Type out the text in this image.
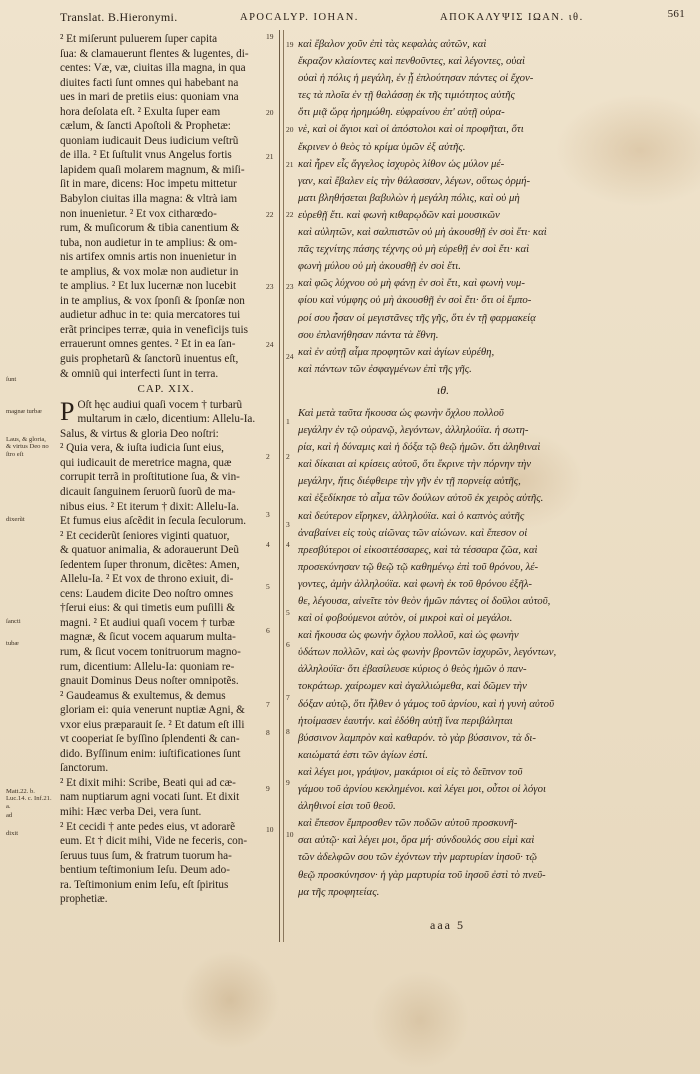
Translat. B.Hieronymi.	APOCALYP. IOHAN.	ΑΠΟΚΑΛΥΨΙΣ ΙΩΑΝ. ιθ.	561
ſunt
magnæ turbæ
Laus, & gloria, & virtus Deo no ſtro eſt
dixerũt
ſancti
tubæ
Matt.22. b. Luc.14. c. Inf.21. a.
ad
dixit
19
20
21
22
23
24
2
3
4
5
6
7
8
9
10
19
20
21
22
23
24
1
2
3
4
5
6
7
8
9
10

² Et miſerunt puluerem ſuper capita

ſua: & clamauerunt flentes & lugentes, di-

centes: Væ, væ, ciuitas illa magna, in qua

diuites facti ſunt omnes qui habebant na

ues in mari de pretiis eius: quoniam vna

hora deſolata eſt. ² Exulta ſuper eam

cælum, & ſancti Apoſtoli & Prophetæ:

quoniam iudicauit Deus iudicium veſtrũ

de illa. ² Et ſuſtulit vnus Angelus fortis

lapidem quaſi molarem magnum, & miſi-

ſit in mare, dicens: Hoc impetu mittetur

Babylon ciuitas illa magna: & vltrà iam

non inuenietur. ² Et vox citharœdo-

rum, & muſicorum & tibia canentium &

tuba, non audietur in te amplius: & om-

nis artifex omnis artis non inuenietur in

te amplius, & vox molæ non audietur in

te amplius. ² Et lux lucernæ non lucebit

in te amplius, & vox ſponſi & ſponſæ non

audietur adhuc in te: quia mercatores tui

erãt principes terræ, quia in veneficijs tuis

errauerunt omnes gentes. ² Et in ea ſan-

guis prophetarũ & ſanctorũ inuentus eſt,

& omniũ qui interfecti ſunt in terra.

CAP. XIX.
P Oſt hęc audiui quaſi vocem † turbarũ

multarum in cælo, dicentium: Allelu-Ia.

Salus, & virtus & gloria Deo noſtri:

² Quia vera, & iuſta iudicia ſunt eius,

qui iudicauit de meretrice magna, quæ

corrupit terrã in proſtitutione ſua, & vin-

dicauit ſanguinem ſeruorũ ſuorũ de ma-

nibus eius. ² Et iterum † dixit: Allelu-Ia.

Et fumus eius aſcẽdit in ſecula ſeculorum.

² Et ceciderũt ſeniores viginti quatuor,

& quatuor animalia, & adorauerunt Deũ

ſedentem ſuper thronum, dicẽtes: Amen,

Allelu-Ia. ² Et vox de throno exiuit, di-

cens: Laudem dicite Deo noſtro omnes

†ſerui eius: & qui timetis eum puſilli &

magni. ² Et audiui quaſi vocem † turbæ

magnæ, & ſicut vocem aquarum multa-

rum, & ſicut vocem tonitruorum magno-

rum, dicentium: Allelu-Ia: quoniam re-

gnauit Dominus Deus noſter omnipotẽs.

² Gaudeamus & exultemus, & demus

gloriam ei: quia venerunt nuptiæ Agni, &

vxor eius præparauit ſe. ² Et datum eſt illi

vt cooperiat ſe byſſino ſplendenti & can-

dido. Byſſinum enim: iuſtificationes ſunt

ſanctorum.

² Et dixit mihi: Scribe, Beati qui ad cæ-

nam nuptiarum agni vocati ſunt. Et dixit

mihi: Hæc verba Dei, vera ſunt.

² Et cecidi † ante pedes eius, vt adorarẽ

eum. Et † dicit mihi, Vide ne feceris, con-

ſeruus tuus ſum, & fratrum tuorum ha-

bentium teſtimonium Ieſu. Deum ado-

ra. Teſtimonium enim Ieſu, eſt ſpiritus

prophetiæ.

καὶ ἔβαλον χοῦν ἐπὶ τὰς κεφαλὰς αὐτῶν, καὶ

ἔκραζον κλαίοντες καὶ πενθοῦντες, καὶ λέγοντες, οὐαὶ

οὐαὶ ἡ πόλις ἡ μεγάλη, ἐν ᾗ ἐπλούτησαν πάντες οἱ ἔχον-

τες τὰ πλοῖα ἐν τῇ θαλάσσῃ ἐκ τῆς τιμιότητος αὐτῆς

ὅτι μιᾷ ὥρᾳ ἠρημώθη. εὐφραίνου ἐπ' αὐτῇ οὐρα-

νὲ, καὶ οἱ ἅγιοι καὶ οἱ ἀπόστολοι καὶ οἱ προφῆται, ὅτι

ἔκρινεν ὁ θεὸς τὸ κρίμα ὑμῶν ἐξ αὐτῆς.

καὶ ἦρεν εἷς ἄγγελος ἰσχυρὸς λίθον ὡς μύλον μέ-

γαν, καὶ ἔβαλεν εἰς τὴν θάλασσαν, λέγων, οὕτως ὁρμή-

ματι βληθήσεται βαβυλὼν ἡ μεγάλη πόλις, καὶ οὐ μὴ

εὑρεθῇ ἔτι. καὶ φωνὴ κιθαρῳδῶν καὶ μουσικῶν

καὶ αὐλητῶν, καὶ σαλπιστῶν οὐ μὴ ἀκουσθῇ ἐν σοὶ ἔτι· καὶ

πᾶς τεχνίτης πάσης τέχνης οὐ μὴ εὑρεθῇ ἐν σοὶ ἔτι· καὶ

φωνὴ μύλου οὐ μὴ ἀκουσθῇ ἐν σοὶ ἔτι.

καὶ φῶς λύχνου οὐ μὴ φάνῃ ἐν σοὶ ἔτι, καὶ φωνὴ νυμ-

φίου καὶ νύμφης οὐ μὴ ἀκουσθῇ ἐν σοὶ ἔτι· ὅτι οἱ ἔμπο-

ροί σου ἦσαν οἱ μεγιστᾶνες τῆς γῆς, ὅτι ἐν τῇ φαρμακείᾳ

σου ἐπλανήθησαν πάντα τὰ ἔθνη.

καὶ ἐν αὐτῇ αἷμα προφητῶν καὶ ἁγίων εὑρέθη,

καὶ πάντων τῶν ἐσφαγμένων ἐπὶ τῆς γῆς.

ιθ.

Καὶ μετὰ ταῦτα ἤκουσα ὡς φωνὴν ὄχλου πολλοῦ

μεγάλην ἐν τῷ οὐρανῷ, λεγόντων, ἀλληλούϊα. ἡ σωτη-

ρία, καὶ ἡ δύναμις καὶ ἡ δόξα τῷ θεῷ ἡμῶν. ὅτι ἀληθιναὶ

καὶ δίκαιαι αἱ κρίσεις αὐτοῦ, ὅτι ἔκρινε τὴν πόρνην τὴν

μεγάλην, ἥτις διέφθειρε τὴν γῆν ἐν τῇ πορνείᾳ αὐτῆς,

καὶ ἐξεδίκησε τὸ αἷμα τῶν δούλων αὐτοῦ ἐκ χειρὸς αὐτῆς.

καὶ δεύτερον εἴρηκεν, ἀλληλούϊα. καὶ ὁ καπνὸς αὐτῆς

ἀναβαίνει εἰς τοὺς αἰῶνας τῶν αἰώνων. καὶ ἔπεσον οἱ

πρεσβύτεροι οἱ εἰκοσιτέσσαρες, καὶ τὰ τέσσαρα ζῶα, καὶ

προσεκύνησαν τῷ θεῷ τῷ καθημένῳ ἐπὶ τοῦ θρόνου, λέ-

γοντες, ἀμὴν ἀλληλούϊα. καὶ φωνὴ ἐκ τοῦ θρόνου ἐξῆλ-

θε, λέγουσα, αἰνεῖτε τὸν θεὸν ἡμῶν πάντες οἱ δοῦλοι αὐτοῦ,

καὶ οἱ φοβούμενοι αὐτὸν, οἱ μικροὶ καὶ οἱ μεγάλοι.

καὶ ἤκουσα ὡς φωνὴν ὄχλου πολλοῦ, καὶ ὡς φωνὴν

ὑδάτων πολλῶν, καὶ ὡς φωνὴν βροντῶν ἰσχυρῶν, λεγόντων,

ἀλληλούϊα· ὅτι ἐβασίλευσε κύριος ὁ θεὸς ἡμῶν ὁ παν-

τοκράτωρ. χαίρωμεν καὶ ἀγαλλιώμεθα, καὶ δῶμεν τὴν

δόξαν αὐτῷ, ὅτι ἦλθεν ὁ γάμος τοῦ ἀρνίου, καὶ ἡ γυνὴ αὐτοῦ

ἡτοίμασεν ἑαυτήν. καὶ ἐδόθη αὐτῇ ἵνα περιβάληται

βύσσινον λαμπρὸν καὶ καθαρόν. τὸ γὰρ βύσσινον, τὰ δι-

καιώματά ἐστι τῶν ἁγίων ἐστί.

καὶ λέγει μοι, γράψον, μακάριοι οἱ εἰς τὸ δεῖπνον τοῦ

γάμου τοῦ ἀρνίου κεκλημένοι. καὶ λέγει μοι, οὗτοι οἱ λόγοι

ἀληθινοί εἰσι τοῦ θεοῦ.

καὶ ἔπεσον ἔμπροσθεν τῶν ποδῶν αὐτοῦ προσκυνῆ-

σαι αὐτῷ· καὶ λέγει μοι, ὅρα μή· σύνδουλός σου εἰμὶ καὶ

τῶν ἀδελφῶν σου τῶν ἐχόντων τὴν μαρτυρίαν ἰησοῦ· τῷ

θεῷ προσκύνησον· ἡ γὰρ μαρτυρία τοῦ ἰησοῦ ἐστὶ τὸ πνεῦ-

μα τῆς προφητείας.

aaa 5
